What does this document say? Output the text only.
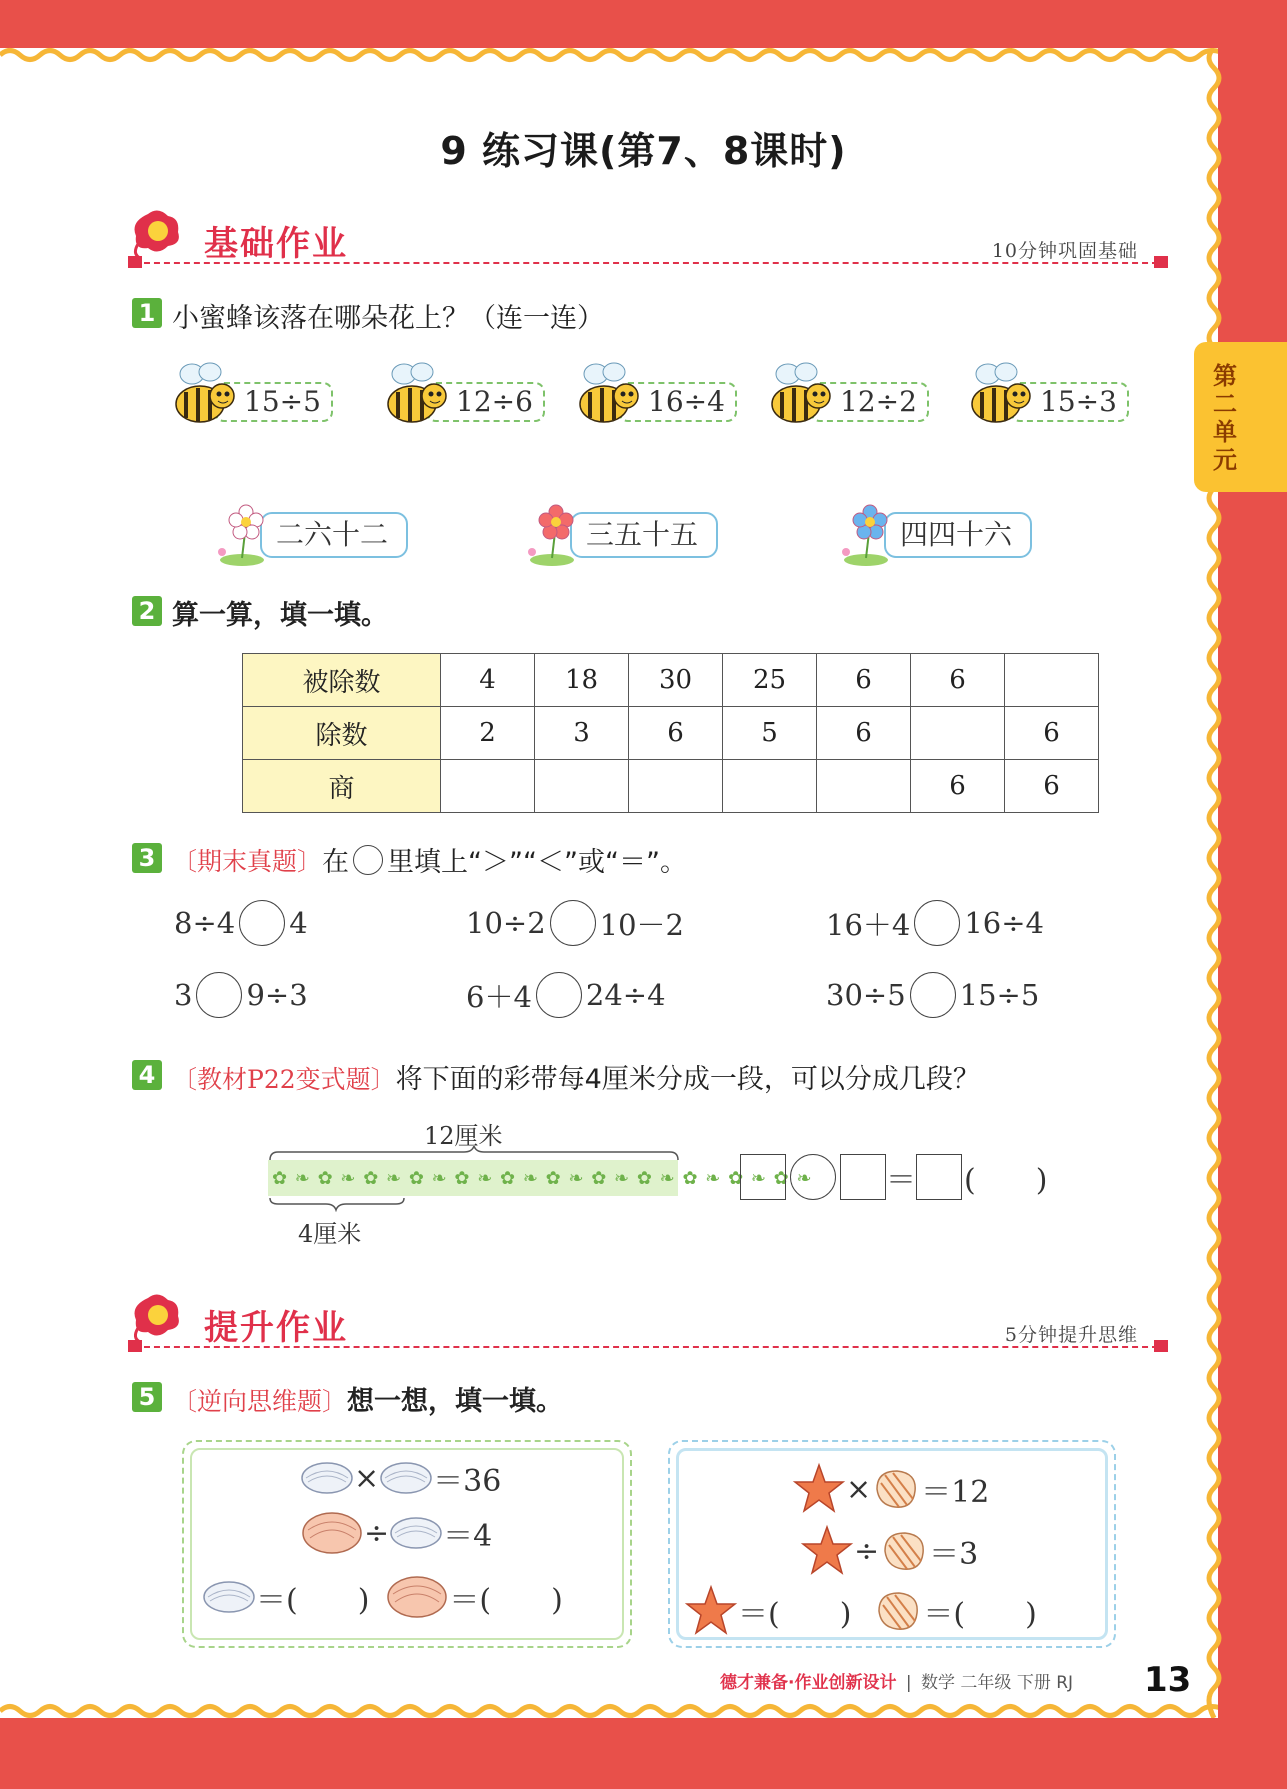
9 练习课(第7、8课时)
第二单元
基础作业	10分钟巩固基础
1 小蜜蜂该落在哪朵花上？（连一连）
15÷5	12÷6	16÷4	12÷2	15÷3
二六十二	三五十五	四四十六
2 算一算，填一填。
被除数	4	18	30	25	6	6	
除数	2	3	6	5	6		6
商						6	6
3 〔期末真题〕 在 里填上“＞”“＜”或“＝”。
8÷4 4	10÷2 10－2	16＋4 16÷4
3 9÷3	6＋4 24÷4	30÷5 15÷5
4 〔教材P22变式题〕将下面的彩带每4厘米分成一段，可以分成几段？
12厘米
✿ ❧ ✿ ❧ ✿ ❧ ✿ ❧ ✿ ❧ ✿ ❧ ✿ ❧ ✿ ❧ ✿ ❧ ✿ ❧ ✿ ❧ ✿ ❧
4厘米
＝ (　　)
提升作业	5分钟提升思维
5 〔逆向思维题〕想一想，填一填。
× ＝36
÷ ＝4
＝(　　)	＝(　　)
× ＝12
÷ ＝3
＝(　　) ＝(　　)
德才兼备·作业创新设计 | 数学 二年级 下册 RJ 13
